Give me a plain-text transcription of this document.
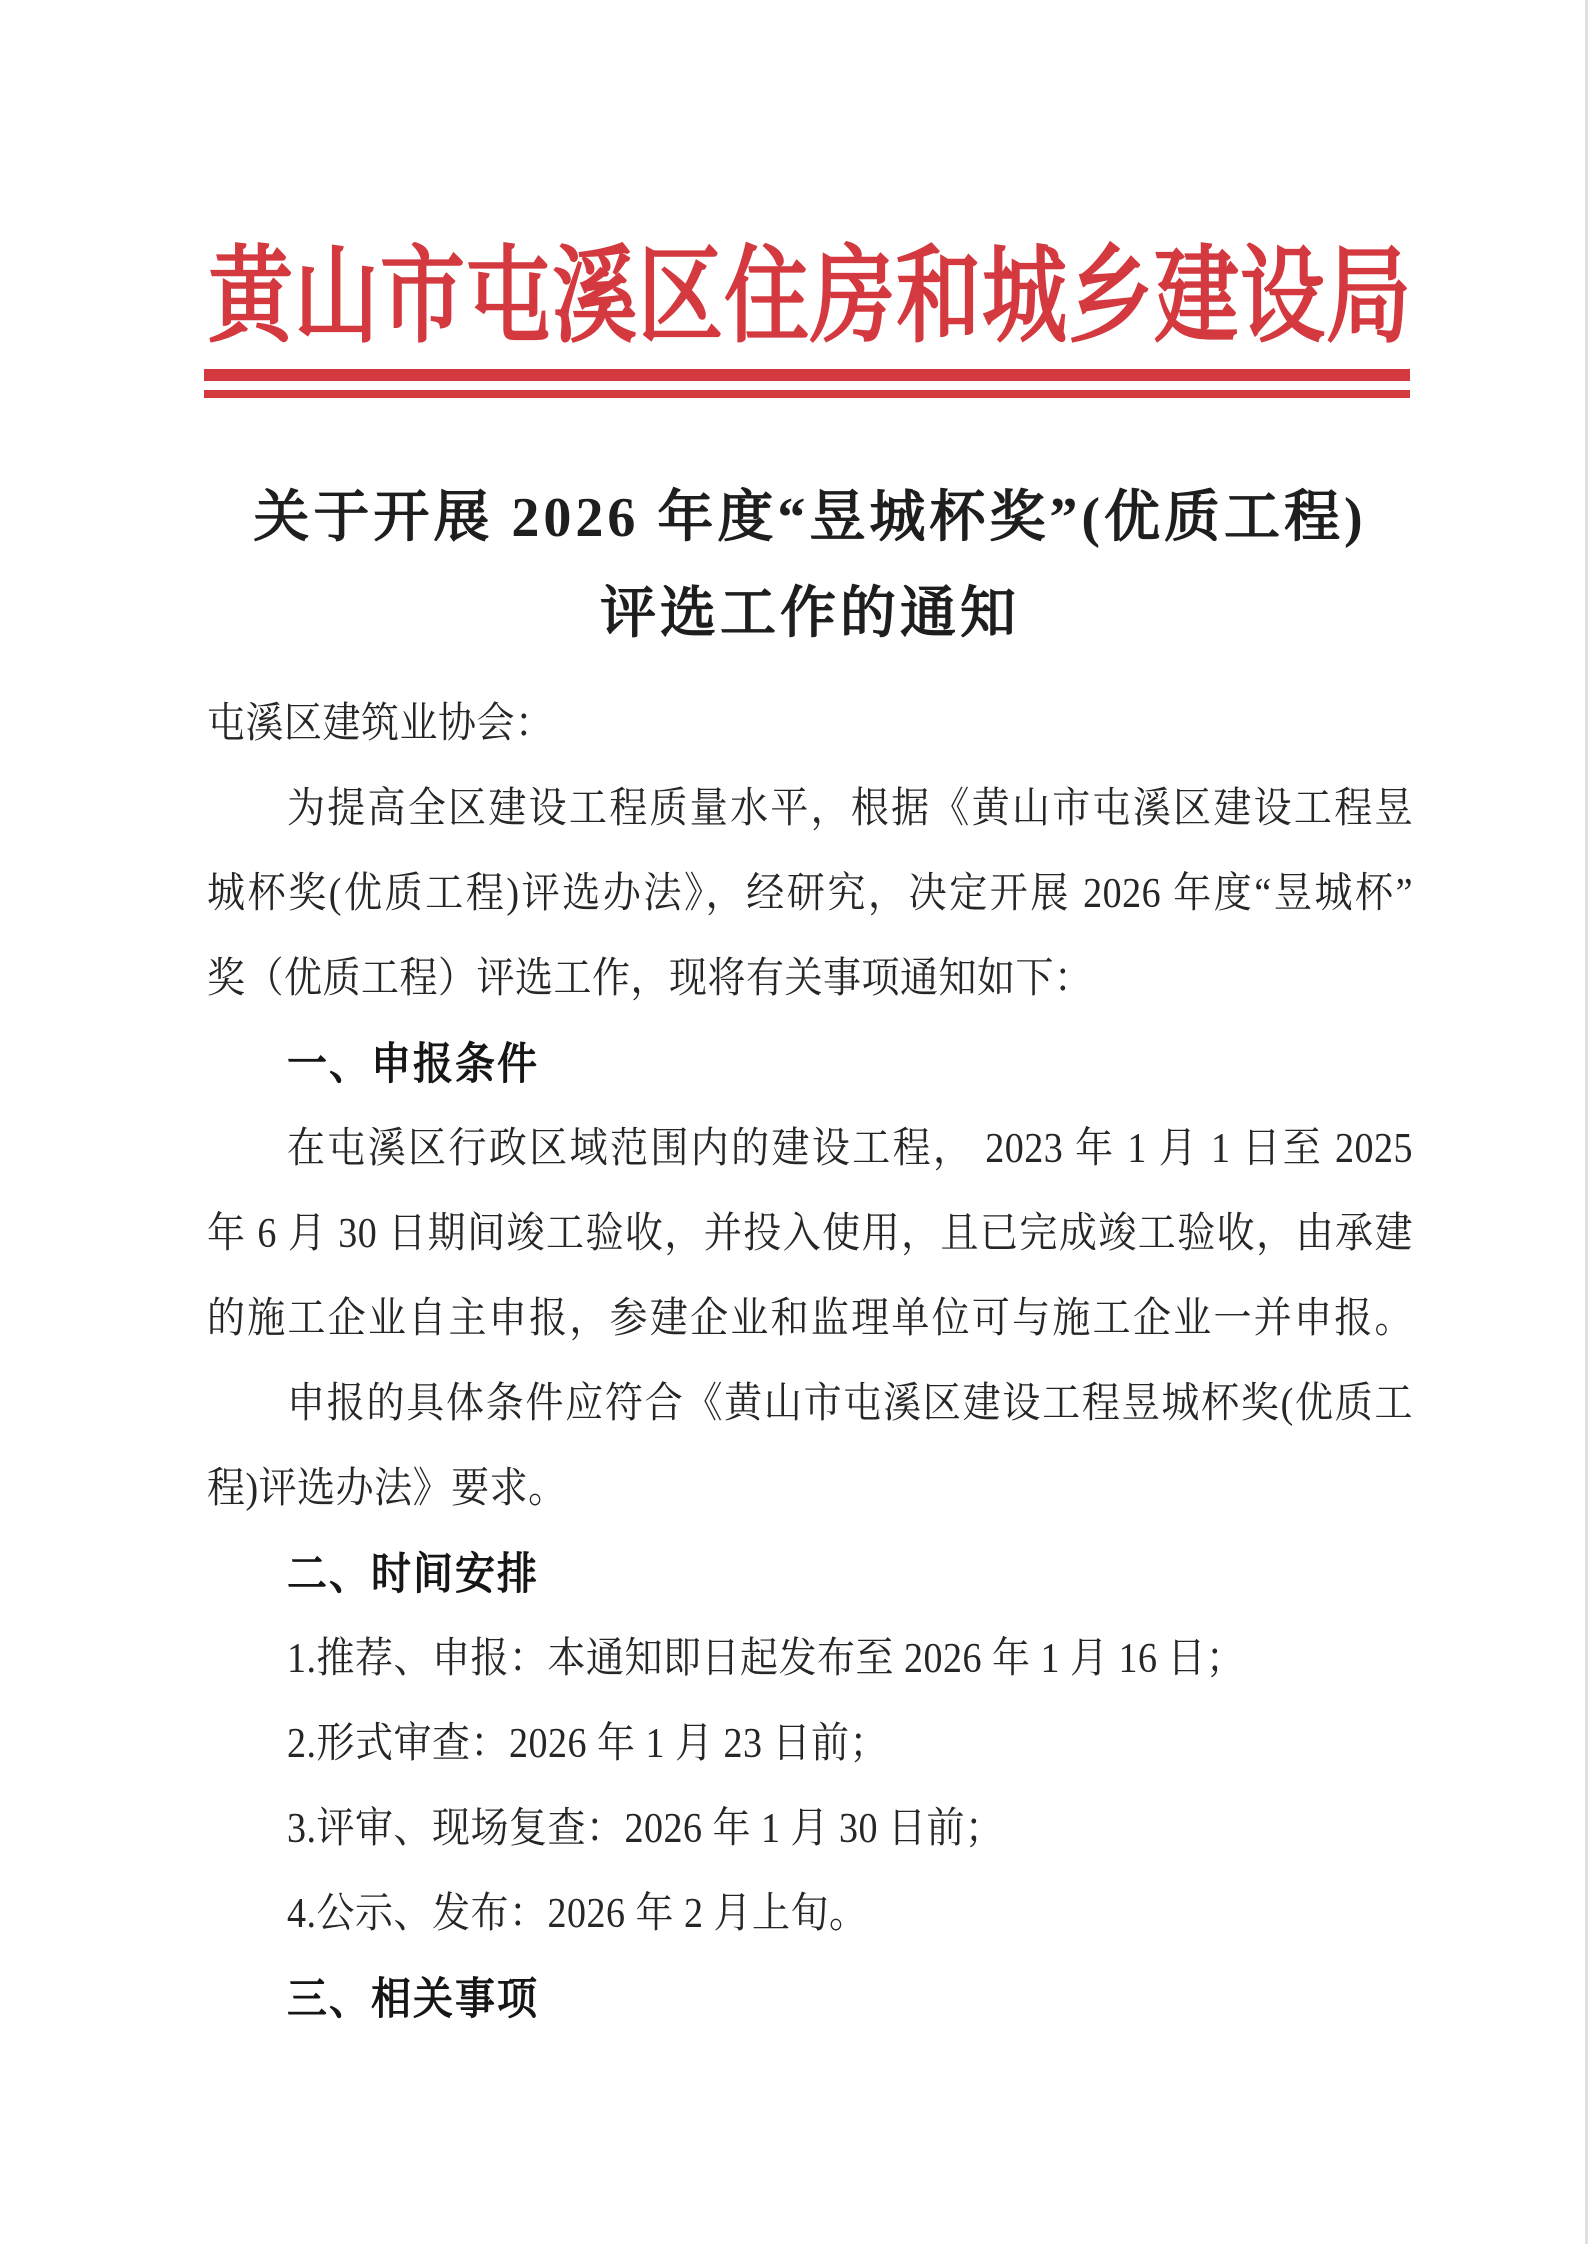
黄山市屯溪区住房和城乡建设局
关于开展 2026 年度“昱城杯奖”(优质工程)
评选工作的通知
屯溪区建筑业协会：
为提高全区建设工程质量水平，根据《黄山市屯溪区建设工程昱
城杯奖(优质工程)评选办法》，经研究，决定开展 2026 年度“昱城杯”
奖（优质工程）评选工作，现将有关事项通知如下：
一、申报条件
在屯溪区行政区域范围内的建设工程， 2023 年 1 月 1 日至 2025
年 6 月 30 日期间竣工验收，并投入使用，且已完成竣工验收，由承建
的施工企业自主申报，参建企业和监理单位可与施工企业一并申报。
申报的具体条件应符合《黄山市屯溪区建设工程昱城杯奖(优质工
程)评选办法》要求。
二、时间安排
1.推荐、申报：本通知即日起发布至 2026 年 1 月 16 日；
2.形式审查：2026 年 1 月 23 日前；
3.评审、现场复查：2026 年 1 月 30 日前；
4.公示、发布：2026 年 2 月上旬。
三、相关事项
